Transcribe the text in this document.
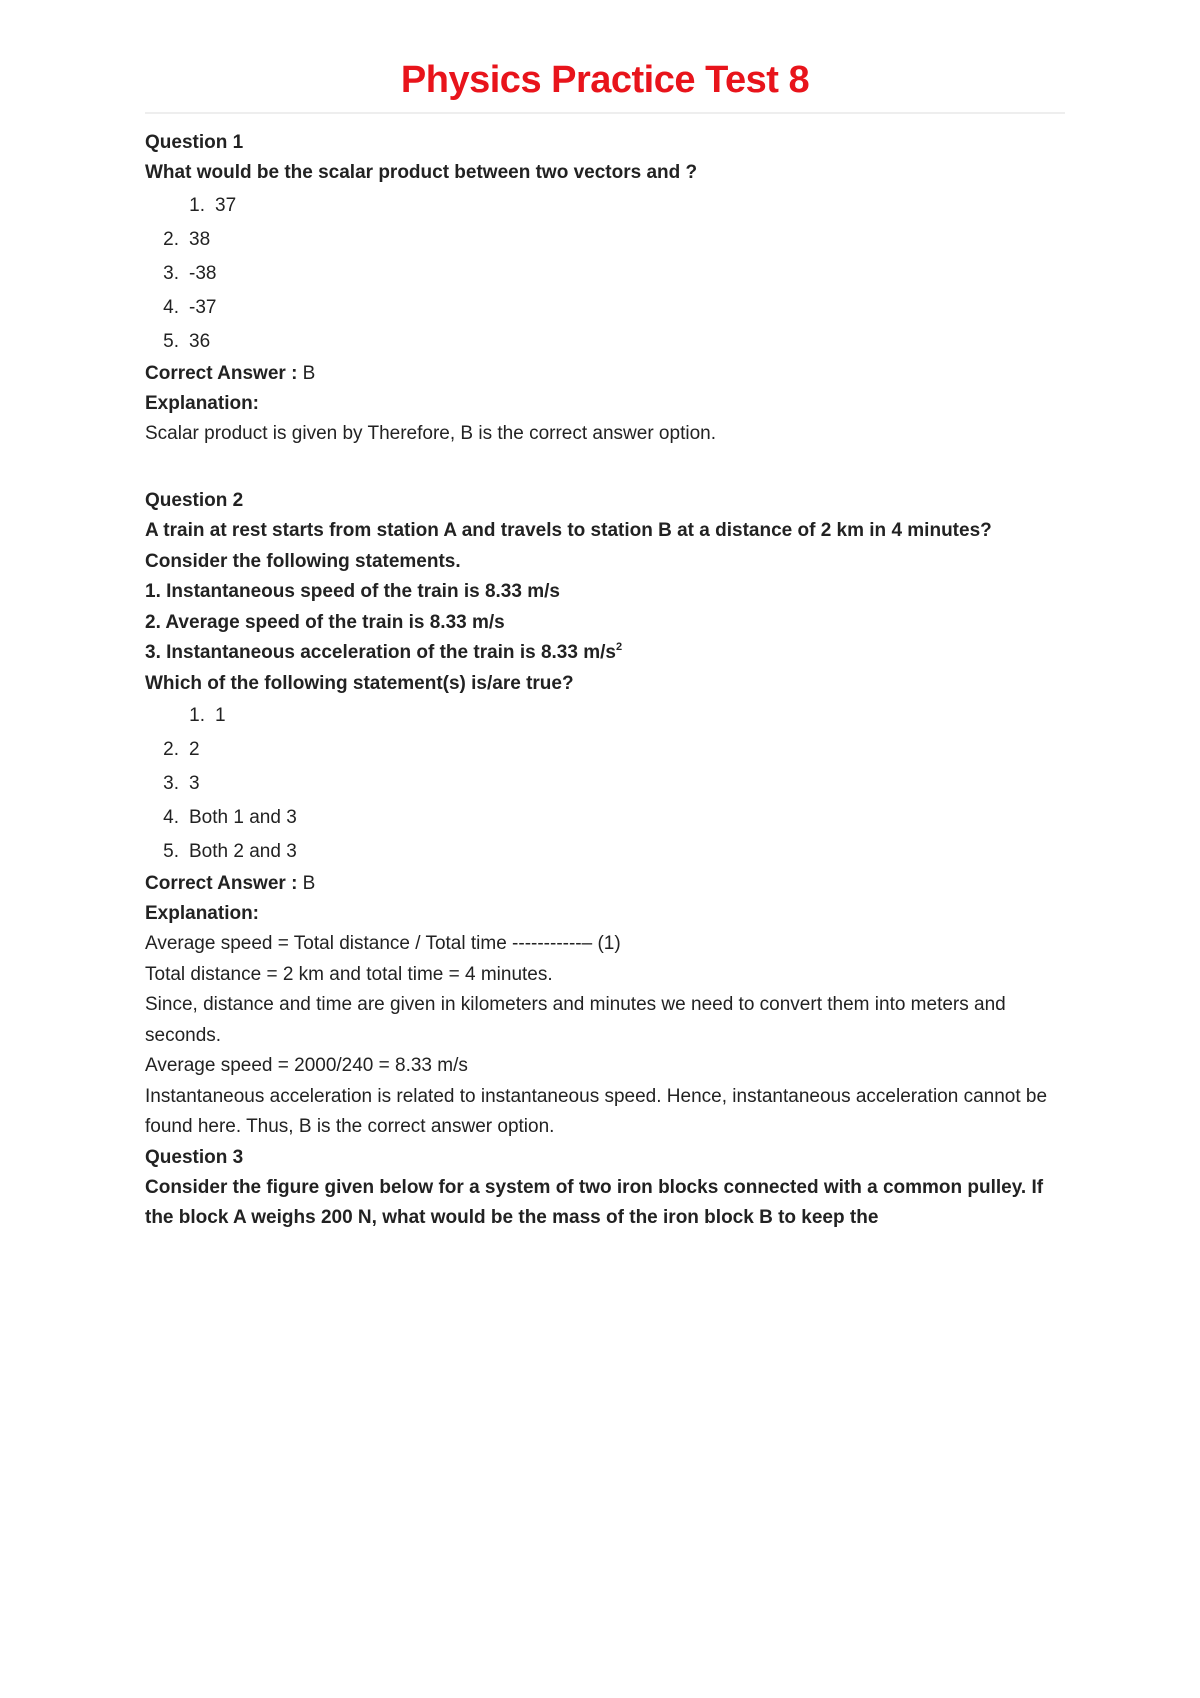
Physics Practice Test 8

Question 1

What would be the scalar product between two vectors and ?

1. 37
2. 38
3. -38
4. -37
5. 36

Correct Answer : B

Explanation:

Scalar product is given by Therefore, B is the correct answer option.

Question 2

A train at rest starts from station A and travels to station B at a distance of 2 km in 4 minutes?

Consider the following statements.

1. Instantaneous speed of the train is 8.33 m/s

2. Average speed of the train is 8.33 m/s

3. Instantaneous acceleration of the train is 8.33 $m/s^2$

Which of the following statement(s) is/are true?

1. 1
2. 2
3. 3
4. Both 1 and 3
5. Both 2 and 3

Correct Answer : B

Explanation:

Average speed = Total distance / Total time -----------– (1)

Total distance = 2 km and total time = 4 minutes.

Since, distance and time are given in kilometers and minutes we need to convert them into meters and seconds.

Average speed = 2000/240 = 8.33 m/s

Instantaneous acceleration is related to instantaneous speed. Hence, instantaneous acceleration cannot be found here. Thus, B is the correct answer option.

Question 3

Consider the figure given below for a system of two iron blocks connected with a common pulley. If the block A weighs 200 N, what would be the mass of the iron block B to keep the
